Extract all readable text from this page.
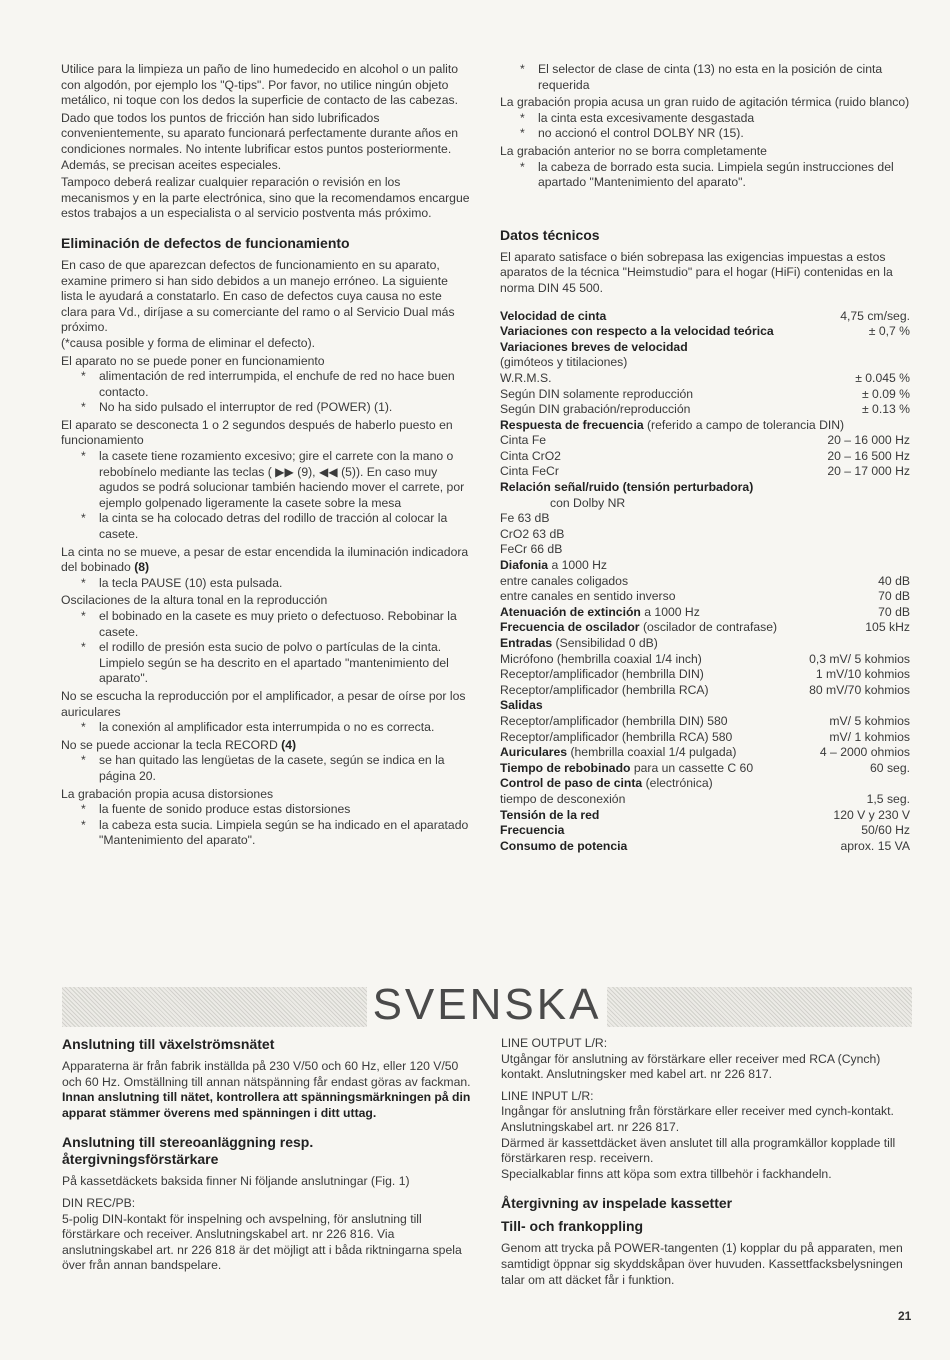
Utilice para la limpieza un paño de lino humedecido en alcohol o un palito con algodón, por ejemplo los "Q-tips". Por favor, no utilice ningún objeto metálico, ni toque con los dedos la superficie de contacto de las cabezas.

Dado que todos los puntos de fricción han sido lubrificados convenientemente, su aparato funcionará perfectamente durante años en condiciones normales. No intente lubrificar estos puntos posteriormente. Además, se precisan aceites especiales.

Tampoco deberá realizar cualquier reparación o revisión en los mecanismos y en la parte electrónica, sino que la recomendamos encargue estos trabajos a un especialista o al servicio postventa más próximo.

Eliminación de defectos de funcionamiento

En caso de que aparezcan defectos de funcionamiento en su aparato, examine primero si han sido debidos a un manejo erróneo. La siguiente lista le ayudará a constatarlo. En caso de defectos cuya causa no este clara para Vd., diríjase a su comerciante del ramo o al Servicio Dual más próximo.

(*causa posible y forma de eliminar el defecto).

El aparato no se puede poner en funcionamiento

* alimentación de red interrumpida, el enchufe de red no hace buen contacto.

* No ha sido pulsado el interruptor de red (POWER) (1).

El aparato se desconecta 1 o 2 segundos después de haberlo puesto en funcionamiento

* la casete tiene rozamiento excesivo; gire el carrete con la mano o rebobínelo mediante las teclas ( ▶▶ (9), ◀◀ (5)). En caso muy agudos se podrá solucionar también haciendo mover el carrete, por ejemplo golpenado ligeramente la casete sobre la mesa

* la cinta se ha colocado detras del rodillo de tracción al colocar la casete.

La cinta no se mueve, a pesar de estar encendida la iluminación indicadora del bobinado (8)

* la tecla PAUSE (10) esta pulsada.

Oscilaciones de la altura tonal en la reproducción

* el bobinado en la casete es muy prieto o defectuoso. Rebobinar la casete.

* el rodillo de presión esta sucio de polvo o partículas de la cinta. Limpielo según se ha descrito en el apartado "mantenimiento del aparato".

No se escucha la reproducción por el amplificador, a pesar de oírse por los auriculares

* la conexión al amplificador esta interrumpida o no es correcta.

No se puede accionar la tecla RECORD (4)

* se han quitado las lengüetas de la casete, según se indica en la página 20.

La grabación propia acusa distorsiones

* la fuente de sonido produce estas distorsiones

* la cabeza esta sucia. Limpiela según se ha indicado en el aparatado "Mantenimiento del aparato".

* El selector de clase de cinta (13) no esta en la posición de cinta requerida

La grabación propia acusa un gran ruido de agitación térmica (ruido blanco)

* la cinta esta excesivamente desgastada

* no accionó el control DOLBY NR (15).

La grabación anterior no se borra completamente

* la cabeza de borrado esta sucia. Limpiela según instrucciones del apartado "Mantenimiento del aparato".

Datos técnicos

El aparato satisface o bién sobrepasa las exigencias impuestas a estos aparatos de la técnica "Heimstudio" para el hogar (HiFi) contenidas en la norma DIN 45 500.

Velocidad de cinta	4,75 cm/seg.
Variaciones con respecto a la velocidad teórica	± 0,7 %
Variaciones breves de velocidad
(gimóteos y titilaciones)
W.R.M.S.	± 0.045 %
Según DIN solamente reproducción	± 0.09 %
Según DIN grabación/reproducción	± 0.13 %
Respuesta de frecuencia (referido a campo de tolerancia DIN)
Cinta Fe	20 – 16 000 Hz
Cinta CrO2	20 – 16 500 Hz
Cinta FeCr	20 – 17 000 Hz
Relación señal/ruido (tensión perturbadora)
con Dolby NR
Fe 63 dB
CrO2 63 dB
FeCr 66 dB
Diafonia a 1000 Hz
entre canales coligados	40 dB
entre canales en sentido inverso	70 dB
Atenuación de extinción a 1000 Hz	70 dB
Frecuencia de oscilador (oscilador de contrafase)	105 kHz
Entradas (Sensibilidad 0 dB)
Micrófono (hembrilla coaxial 1/4 inch)	0,3 mV/ 5 kohmios
Receptor/amplificador (hembrilla DIN)	1 mV/10 kohmios
Receptor/amplificador (hembrilla RCA)	80 mV/70 kohmios
Salidas
Receptor/amplificador (hembrilla DIN) 580	mV/ 5 kohmios
Receptor/amplificador (hembrilla RCA) 580	mV/ 1 kohmios
Auriculares (hembrilla coaxial 1/4 pulgada)	4 – 2000 ohmios
Tiempo de rebobinado para un cassette C 60	60 seg.
Control de paso de cinta (electrónica)
tiempo de desconexión	1,5 seg.
Tensión de la red	120 V y 230 V
Frecuencia	50/60 Hz
Consumo de potencia	aprox. 15 VA
SVENSKA
Anslutning till växelströmsnätet

Apparaterna är från fabrik inställda på 230 V/50 och 60 Hz, eller 120 V/50 och 60 Hz. Omställning till annan nätspänning får endast göras av fackman.

Innan anslutning till nätet, kontrollera att spänningsmärkningen på din apparat stämmer överens med spänningen i ditt uttag.

Anslutning till stereoanläggning resp. återgivningsförstärkare

På kassetdäckets baksida finner Ni följande anslutningar (Fig. 1)

DIN REC/PB:

5-polig DIN-kontakt för inspelning och avspelning, för anslutning till förstärkare och receiver. Anslutningskabel art. nr 226 816. Via anslutningskabel art. nr 226 818 är det möjligt att i båda riktningarna spela över från annan bandspelare.

LINE OUTPUT L/R:

Utgångar för anslutning av förstärkare eller receiver med RCA (Cynch) kontakt. Anslutningsker med kabel art. nr 226 817.

LINE INPUT L/R:

Ingångar för anslutning från förstärkare eller receiver med cynch-kontakt. Anslutningskabel art. nr 226 817.

Därmed är kassettdäcket även anslutet till alla programkällor kopplade till förstärkaren resp. receivern.

Specialkablar finns att köpa som extra tillbehör i fackhandeln.

Återgivning av inspelade kassetter
Till- och frankoppling

Genom att trycka på POWER-tangenten (1) kopplar du på apparaten, men samtidigt öppnar sig skyddskåpan över huvuden. Kassettfacksbelysningen talar om att däcket får i funktion.

21
